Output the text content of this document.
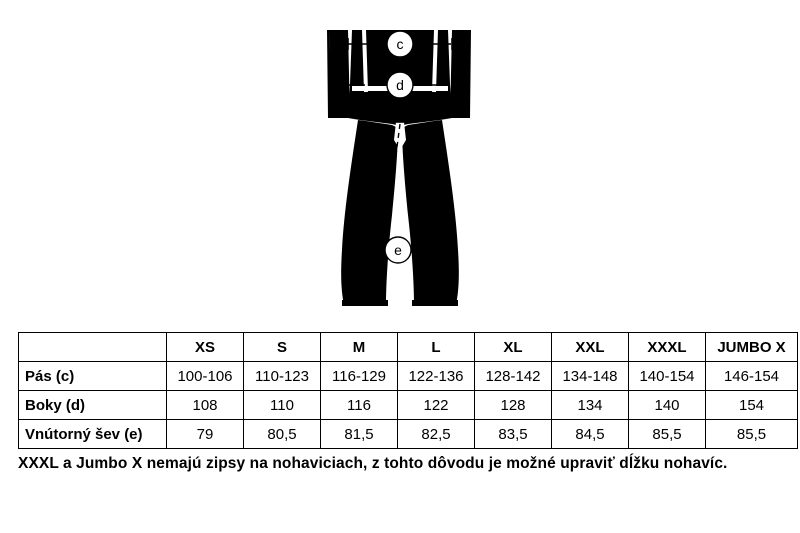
c
d
e
	XS	S	M	L	XL	XXL	XXXL	JUMBO X
Pás (c)	100-106	110-123	116-129	122-136	128-142	134-148	140-154	146-154
Boky (d)	108	110	116	122	128	134	140	154
Vnútorný šev (e)	79	80,5	81,5	82,5	83,5	84,5	85,5	85,5
XXXL a Jumbo X nemajú zipsy na nohaviciach, z tohto dôvodu je možné upraviť dĺžku nohavíc.
